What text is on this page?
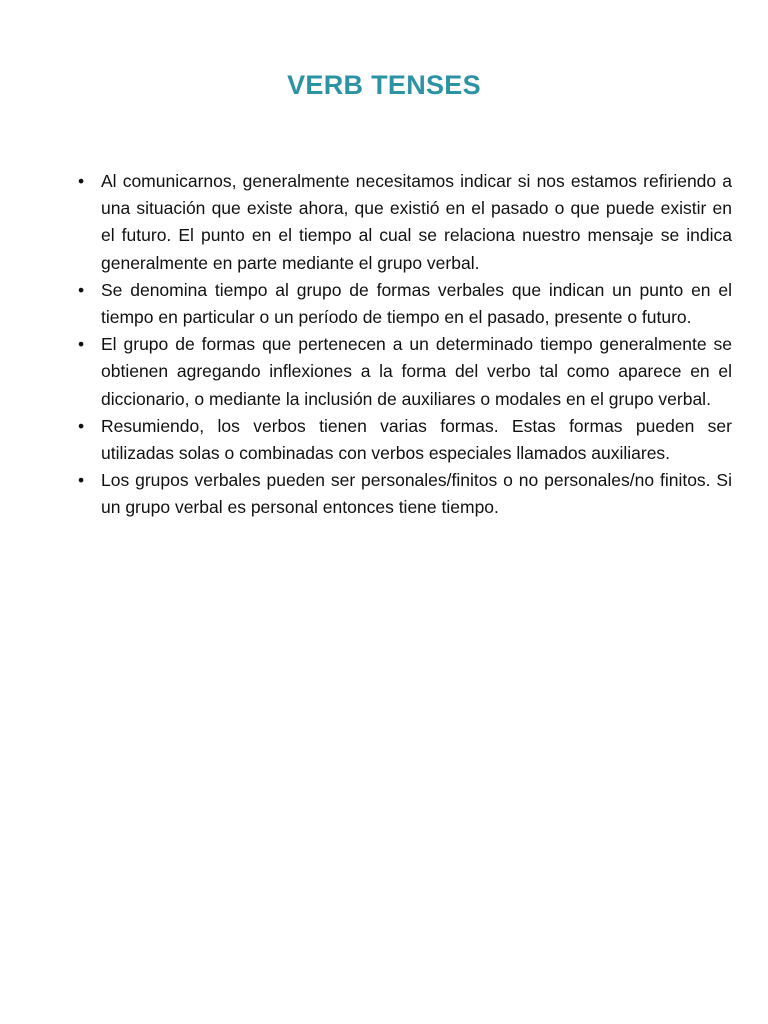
VERB TENSES
• Al comunicarnos, generalmente necesitamos indicar si nos estamos refiriendo a una situación que existe ahora, que existió en el pasado o que puede existir en el futuro. El punto en el tiempo al cual se relaciona nuestro mensaje se indica generalmente en parte mediante el grupo verbal.
• Se denomina tiempo al grupo de formas verbales que indican un punto en el tiempo en particular o un período de tiempo en el pasado, presente o futuro.
• El grupo de formas que pertenecen a un determinado tiempo generalmente se obtienen agregando inflexiones a la forma del verbo tal como aparece en el diccionario, o mediante la inclusión de auxiliares o modales en el grupo verbal.
• Resumiendo, los verbos tienen varias formas. Estas formas pueden ser utilizadas solas o combinadas con verbos especiales llamados auxiliares.
• Los grupos verbales pueden ser personales/finitos o no personales/no finitos. Si un grupo verbal es personal entonces tiene tiempo.
